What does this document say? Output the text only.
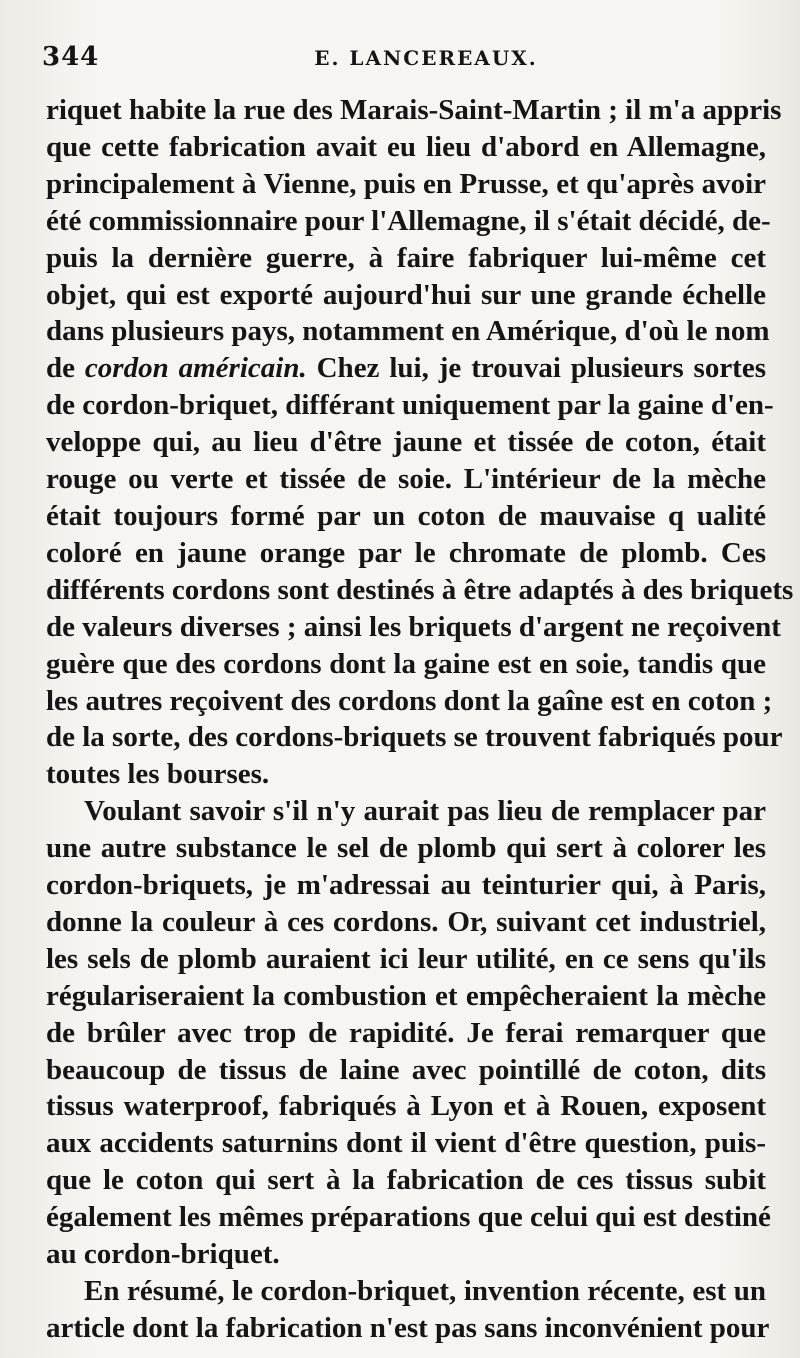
344	E. LANCEREAUX.
riquet habite la rue des Marais-Saint-Martin ; il m'a appris
que cette fabrication avait eu lieu d'abord en Allemagne,
principalement à Vienne, puis en Prusse, et qu'après avoir
été commissionnaire pour l'Allemagne, il s'était décidé, de-
puis la dernière guerre, à faire fabriquer lui-même cet
objet, qui est exporté aujourd'hui sur une grande échelle
dans plusieurs pays, notamment en Amérique, d'où le nom
de cordon américain. Chez lui, je trouvai plusieurs sortes
de cordon-briquet, différant uniquement par la gaine d'en-
veloppe qui, au lieu d'être jaune et tissée de coton, était
rouge ou verte et tissée de soie. L'intérieur de la mèche
était toujours formé par un coton de mauvaise q ualité
coloré en jaune orange par le chromate de plomb. Ces
différents cordons sont destinés à être adaptés à des briquets
de valeurs diverses ; ainsi les briquets d'argent ne reçoivent
guère que des cordons dont la gaine est en soie, tandis que
les autres reçoivent des cordons dont la gaîne est en coton ;
de la sorte, des cordons-briquets se trouvent fabriqués pour
toutes les bourses.
Voulant savoir s'il n'y aurait pas lieu de remplacer par
une autre substance le sel de plomb qui sert à colorer les
cordon-briquets, je m'adressai au teinturier qui, à Paris,
donne la couleur à ces cordons. Or, suivant cet industriel,
les sels de plomb auraient ici leur utilité, en ce sens qu'ils
régulariseraient la combustion et empêcheraient la mèche
de brûler avec trop de rapidité. Je ferai remarquer que
beaucoup de tissus de laine avec pointillé de coton, dits
tissus waterproof, fabriqués à Lyon et à Rouen, exposent
aux accidents saturnins dont il vient d'être question, puis-
que le coton qui sert à la fabrication de ces tissus subit
également les mêmes préparations que celui qui est destiné
au cordon-briquet.
En résumé, le cordon-briquet, invention récente, est un
article dont la fabrication n'est pas sans inconvénient pour
